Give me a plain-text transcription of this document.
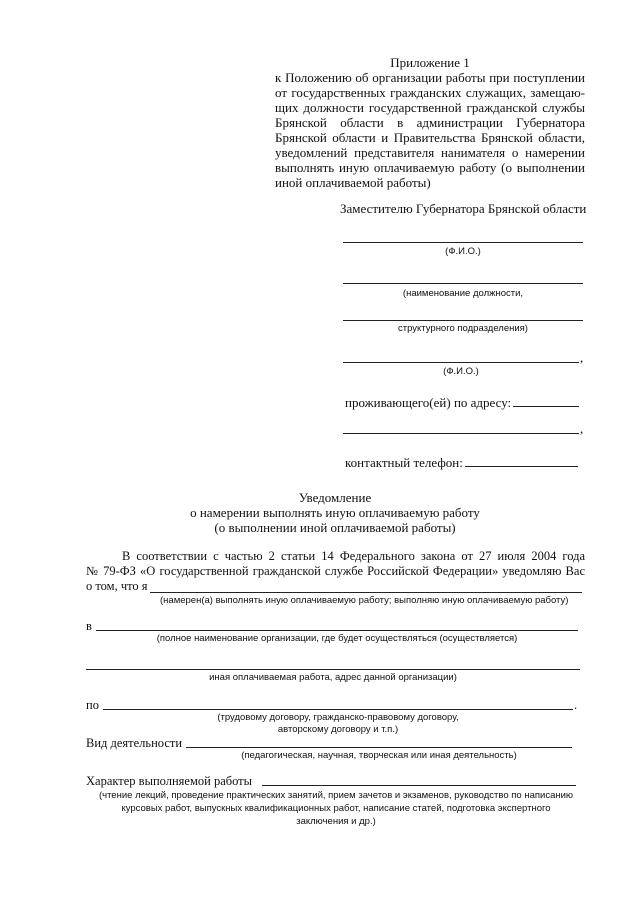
Приложение 1
к Положению об организации работы при поступлении
от государственных гражданских служащих, замещаю-
щих должности государственной гражданской службы
Брянской области в администрации Губернатора
Брянской области и Правительства Брянской области,
уведомлений представителя нанимателя о намерении
выполнять иную оплачиваемую работу (о выполнении
иной оплачиваемой работы)
Заместителю Губернатора Брянской области
(Ф.И.О.)
(наименование должности,
структурного подразделения)
,
(Ф.И.О.)
проживающего(ей) по адресу:
,
контактный телефон:
Уведомление
о намерении выполнять иную оплачиваемую работу
(о выполнении иной оплачиваемой работы)
В соответствии с частью 2 статьи 14 Федерального закона от 27 июля 2004 года
№ 79-ФЗ «О государственной гражданской службе Российской Федерации» уведомляю Вас
о том, что я
(намерен(а) выполнять иную оплачиваемую работу; выполняю иную оплачиваемую работу)
в
(полное наименование организации, где будет осуществляться (осуществляется)
иная оплачиваемая работа, адрес данной организации)
по	.
(трудовому договору, гражданско-правовому договору,
авторскому договору и т.п.)
Вид деятельности
(педагогическая, научная, творческая или иная деятельность)
Характер выполняемой работы
(чтение лекций, проведение практических занятий, прием зачетов и экзаменов, руководство по написанию
курсовых работ, выпускных квалификационных работ, написание статей, подготовка экспертного
заключения и др.)
